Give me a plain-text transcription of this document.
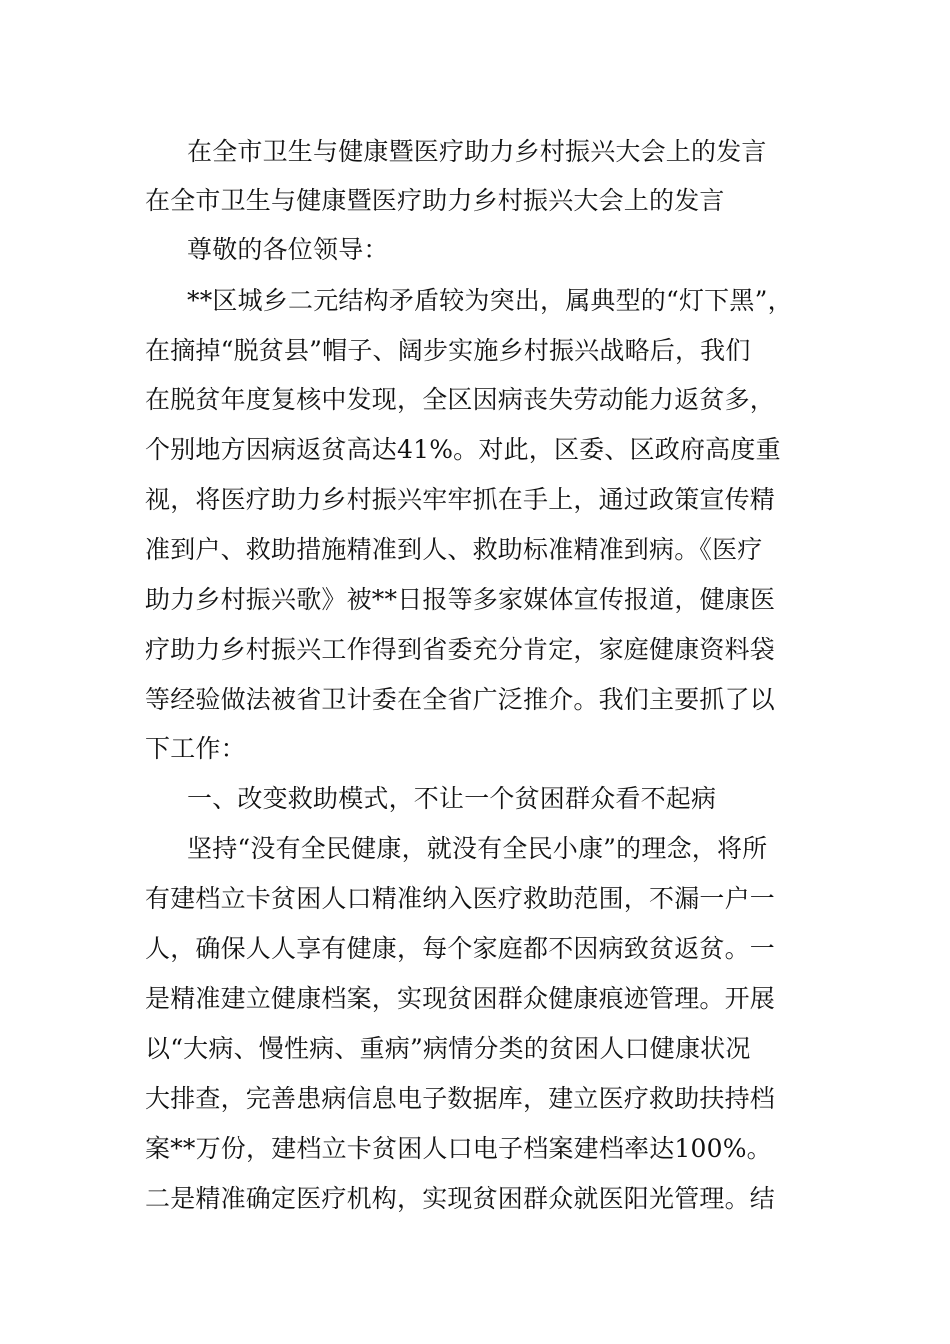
在全市卫生与健康暨医疗助力乡村振兴大会上的发言
在全市卫生与健康暨医疗助力乡村振兴大会上的发言
尊敬的各位领导：
**区城乡二元结构矛盾较为突出，属典型的“灯下黑”，
在摘掉“脱贫县”帽子、阔步实施乡村振兴战略后，我们
在脱贫年度复核中发现，全区因病丧失劳动能力返贫多，
个别地方因病返贫高达41%。对此，区委、区政府高度重
视，将医疗助力乡村振兴牢牢抓在手上，通过政策宣传精
准到户、救助措施精准到人、救助标准精准到病。《医疗
助力乡村振兴歌》被**日报等多家媒体宣传报道，健康医
疗助力乡村振兴工作得到省委充分肯定，家庭健康资料袋
等经验做法被省卫计委在全省广泛推介。我们主要抓了以
下工作：
一、改变救助模式，不让一个贫困群众看不起病
坚持“没有全民健康，就没有全民小康”的理念，将所
有建档立卡贫困人口精准纳入医疗救助范围，不漏一户一
人，确保人人享有健康，每个家庭都不因病致贫返贫。一
是精准建立健康档案，实现贫困群众健康痕迹管理。开展
以“大病、慢性病、重病”病情分类的贫困人口健康状况
大排查，完善患病信息电子数据库，建立医疗救助扶持档
案**万份，建档立卡贫困人口电子档案建档率达100%。
二是精准确定医疗机构，实现贫困群众就医阳光管理。结
